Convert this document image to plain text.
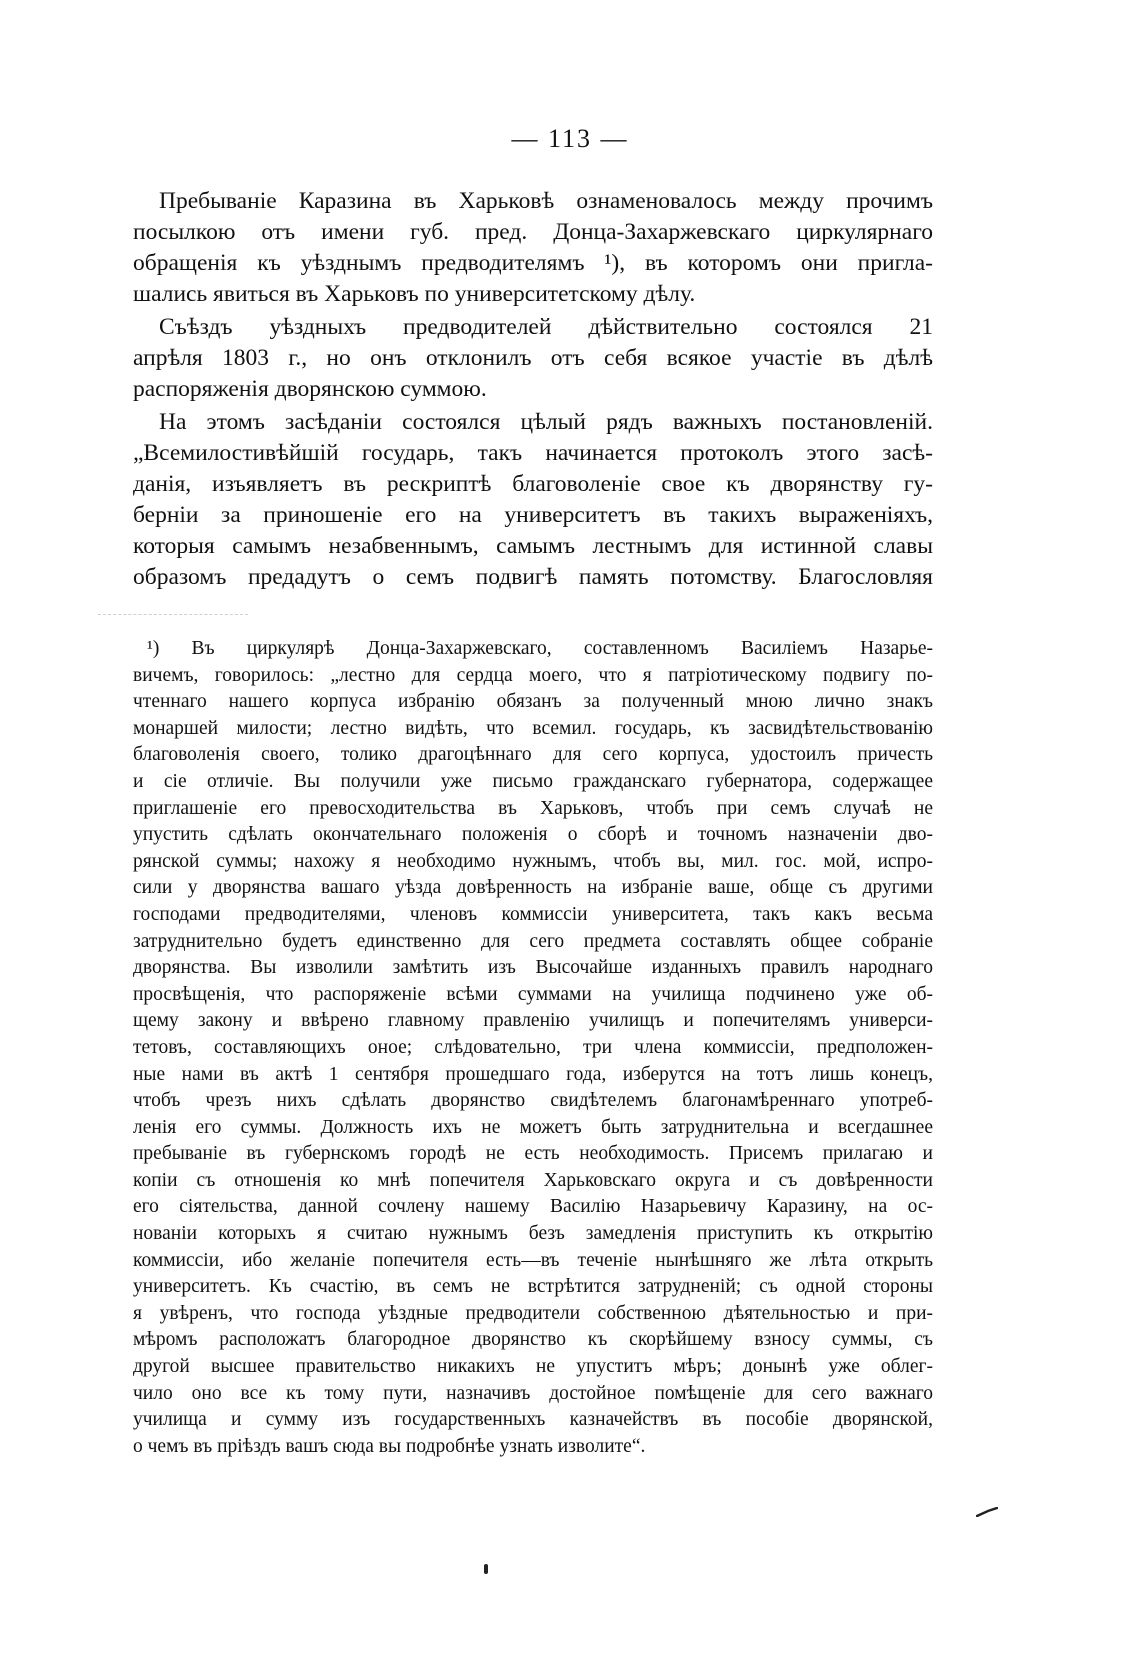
— 113 —
Пребываніе Каразина въ Харьковѣ ознаменовалось между прочимъ
посылкою отъ имени губ. пред. Донца-Захаржевскаго циркулярнаго
обращенія къ уѣзднымъ предводителямъ ¹), въ которомъ они пригла-
шались явиться въ Харьковъ по университетскому дѣлу.
Съѣздъ уѣздныхъ предводителей дѣйствительно состоялся 21
апрѣля 1803 г., но онъ отклонилъ отъ себя всякое участіе въ дѣлѣ
распоряженія дворянскою суммою.
На этомъ засѣданіи состоялся цѣлый рядъ важныхъ постановленій.
„Всемилостивѣйшій государь, такъ начинается протоколъ этого засѣ-
данія, изъявляетъ въ рескриптѣ благоволеніе свое къ дворянству гу-
берніи за приношеніе его на университетъ въ такихъ выраженіяхъ,
которыя самымъ незабвеннымъ, самымъ лестнымъ для истинной славы
образомъ предадутъ о семъ подвигѣ память потомству. Благословляя
¹) Въ циркулярѣ Донца-Захаржевскаго, составленномъ Василіемъ Назарье-
вичемъ, говорилось: „лестно для сердца моего, что я патріотическому подвигу по-
чтеннаго нашего корпуса избранію обязанъ за полученный мною лично знакъ
монаршей милости; лестно видѣть, что всемил. государь, къ засвидѣтельствованію
благоволенія своего, толико драгоцѣннаго для сего корпуса, удостоилъ причесть
и сіе отличіе. Вы получили уже письмо гражданскаго губернатора, содержащее
приглашеніе его превосходительства въ Харьковъ, чтобъ при семъ случаѣ не
упустить сдѣлать окончательнаго положенія о сборѣ и точномъ назначеніи дво-
рянской суммы; нахожу я необходимо нужнымъ, чтобъ вы, мил. гос. мой, испро-
сили у дворянства вашаго уѣзда довѣренность на избраніе ваше, обще съ другими
господами предводителями, членовъ коммиссіи университета, такъ какъ весьма
затруднительно будетъ единственно для сего предмета составлять общее собраніе
дворянства. Вы изволили замѣтить изъ Высочайше изданныхъ правилъ народнаго
просвѣщенія, что распоряженіе всѣми суммами на училища подчинено уже об-
щему закону и ввѣрено главному правленію училищъ и попечителямъ универси-
тетовъ, составляющихъ оное; слѣдовательно, три члена коммиссіи, предположен-
ные нами въ актѣ 1 сентября прошедшаго года, изберутся на тотъ лишь конецъ,
чтобъ чрезъ нихъ сдѣлать дворянство свидѣтелемъ благонамѣреннаго употреб-
ленія его суммы. Должность ихъ не можетъ быть затруднительна и всегдашнее
пребываніе въ губернскомъ городѣ не есть необходимость. Присемъ прилагаю и
копіи съ отношенія ко мнѣ попечителя Харьковскаго округа и съ довѣренности
его сіятельства, данной сочлену нашему Василію Назарьевичу Каразину, на ос-
нованіи которыхъ я считаю нужнымъ безъ замедленія приступить къ открытію
коммиссіи, ибо желаніе попечителя есть—въ теченіе нынѣшняго же лѣта открыть
университетъ. Къ счастію, въ семъ не встрѣтится затрудненій; съ одной стороны
я увѣренъ, что господа уѣздные предводители собственною дѣятельностью и при-
мѣромъ расположатъ благородное дворянство къ скорѣйшему взносу суммы, съ
другой высшее правительство никакихъ не упуститъ мѣръ; донынѣ уже облег-
чило оно все къ тому пути, назначивъ достойное помѣщеніе для сего важнаго
училища и сумму изъ государственныхъ казначействъ въ пособіе дворянской,
о чемъ въ пріѣздъ вашъ сюда вы подробнѣе узнать изволите“.
